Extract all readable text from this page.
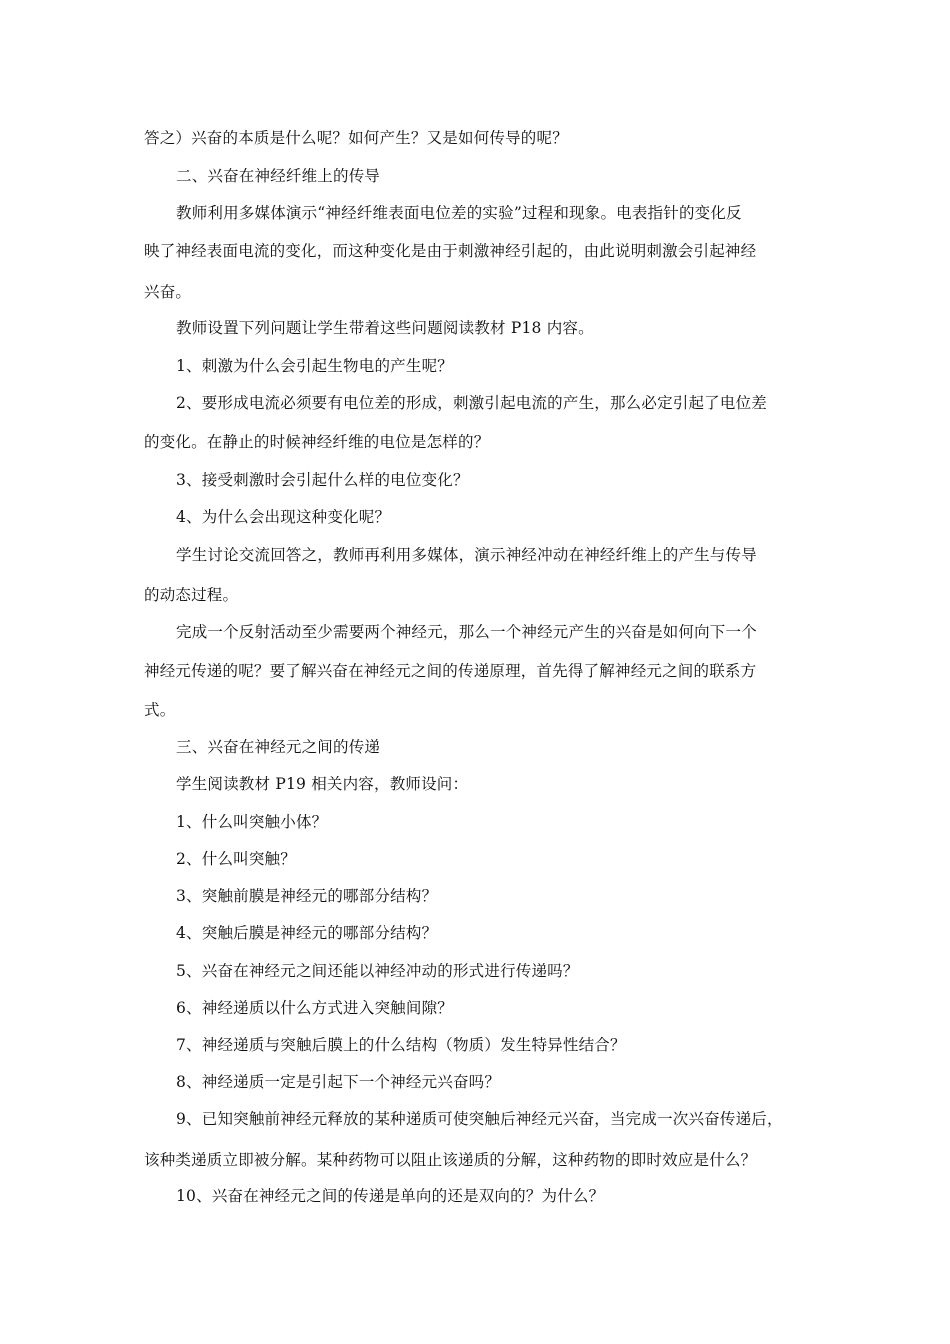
答之）兴奋的本质是什么呢？如何产生？又是如何传导的呢？
二、兴奋在神经纤维上的传导
教师利用多媒体演示“神经纤维表面电位差的实验”过程和现象。电表指针的变化反
映了神经表面电流的变化，而这种变化是由于刺激神经引起的，由此说明刺激会引起神经
兴奋。
教师设置下列问题让学生带着这些问题阅读教材 P18 内容。
1、刺激为什么会引起生物电的产生呢？
2、要形成电流必须要有电位差的形成，刺激引起电流的产生，那么必定引起了电位差
的变化。在静止的时候神经纤维的电位是怎样的？
3、接受刺激时会引起什么样的电位变化？
4、为什么会出现这种变化呢？
学生讨论交流回答之，教师再利用多媒体，演示神经冲动在神经纤维上的产生与传导
的动态过程。
完成一个反射活动至少需要两个神经元，那么一个神经元产生的兴奋是如何向下一个
神经元传递的呢？要了解兴奋在神经元之间的传递原理，首先得了解神经元之间的联系方
式。
三、兴奋在神经元之间的传递
学生阅读教材 P19 相关内容，教师设问：
1、什么叫突触小体？
2、什么叫突触？
3、突触前膜是神经元的哪部分结构？
4、突触后膜是神经元的哪部分结构？
5、兴奋在神经元之间还能以神经冲动的形式进行传递吗？
6、神经递质以什么方式进入突触间隙？
7、神经递质与突触后膜上的什么结构（物质）发生特异性结合？
8、神经递质一定是引起下一个神经元兴奋吗？
9、已知突触前神经元释放的某种递质可使突触后神经元兴奋，当完成一次兴奋传递后，
该种类递质立即被分解。某种药物可以阻止该递质的分解，这种药物的即时效应是什么？
10、兴奋在神经元之间的传递是单向的还是双向的？为什么？
